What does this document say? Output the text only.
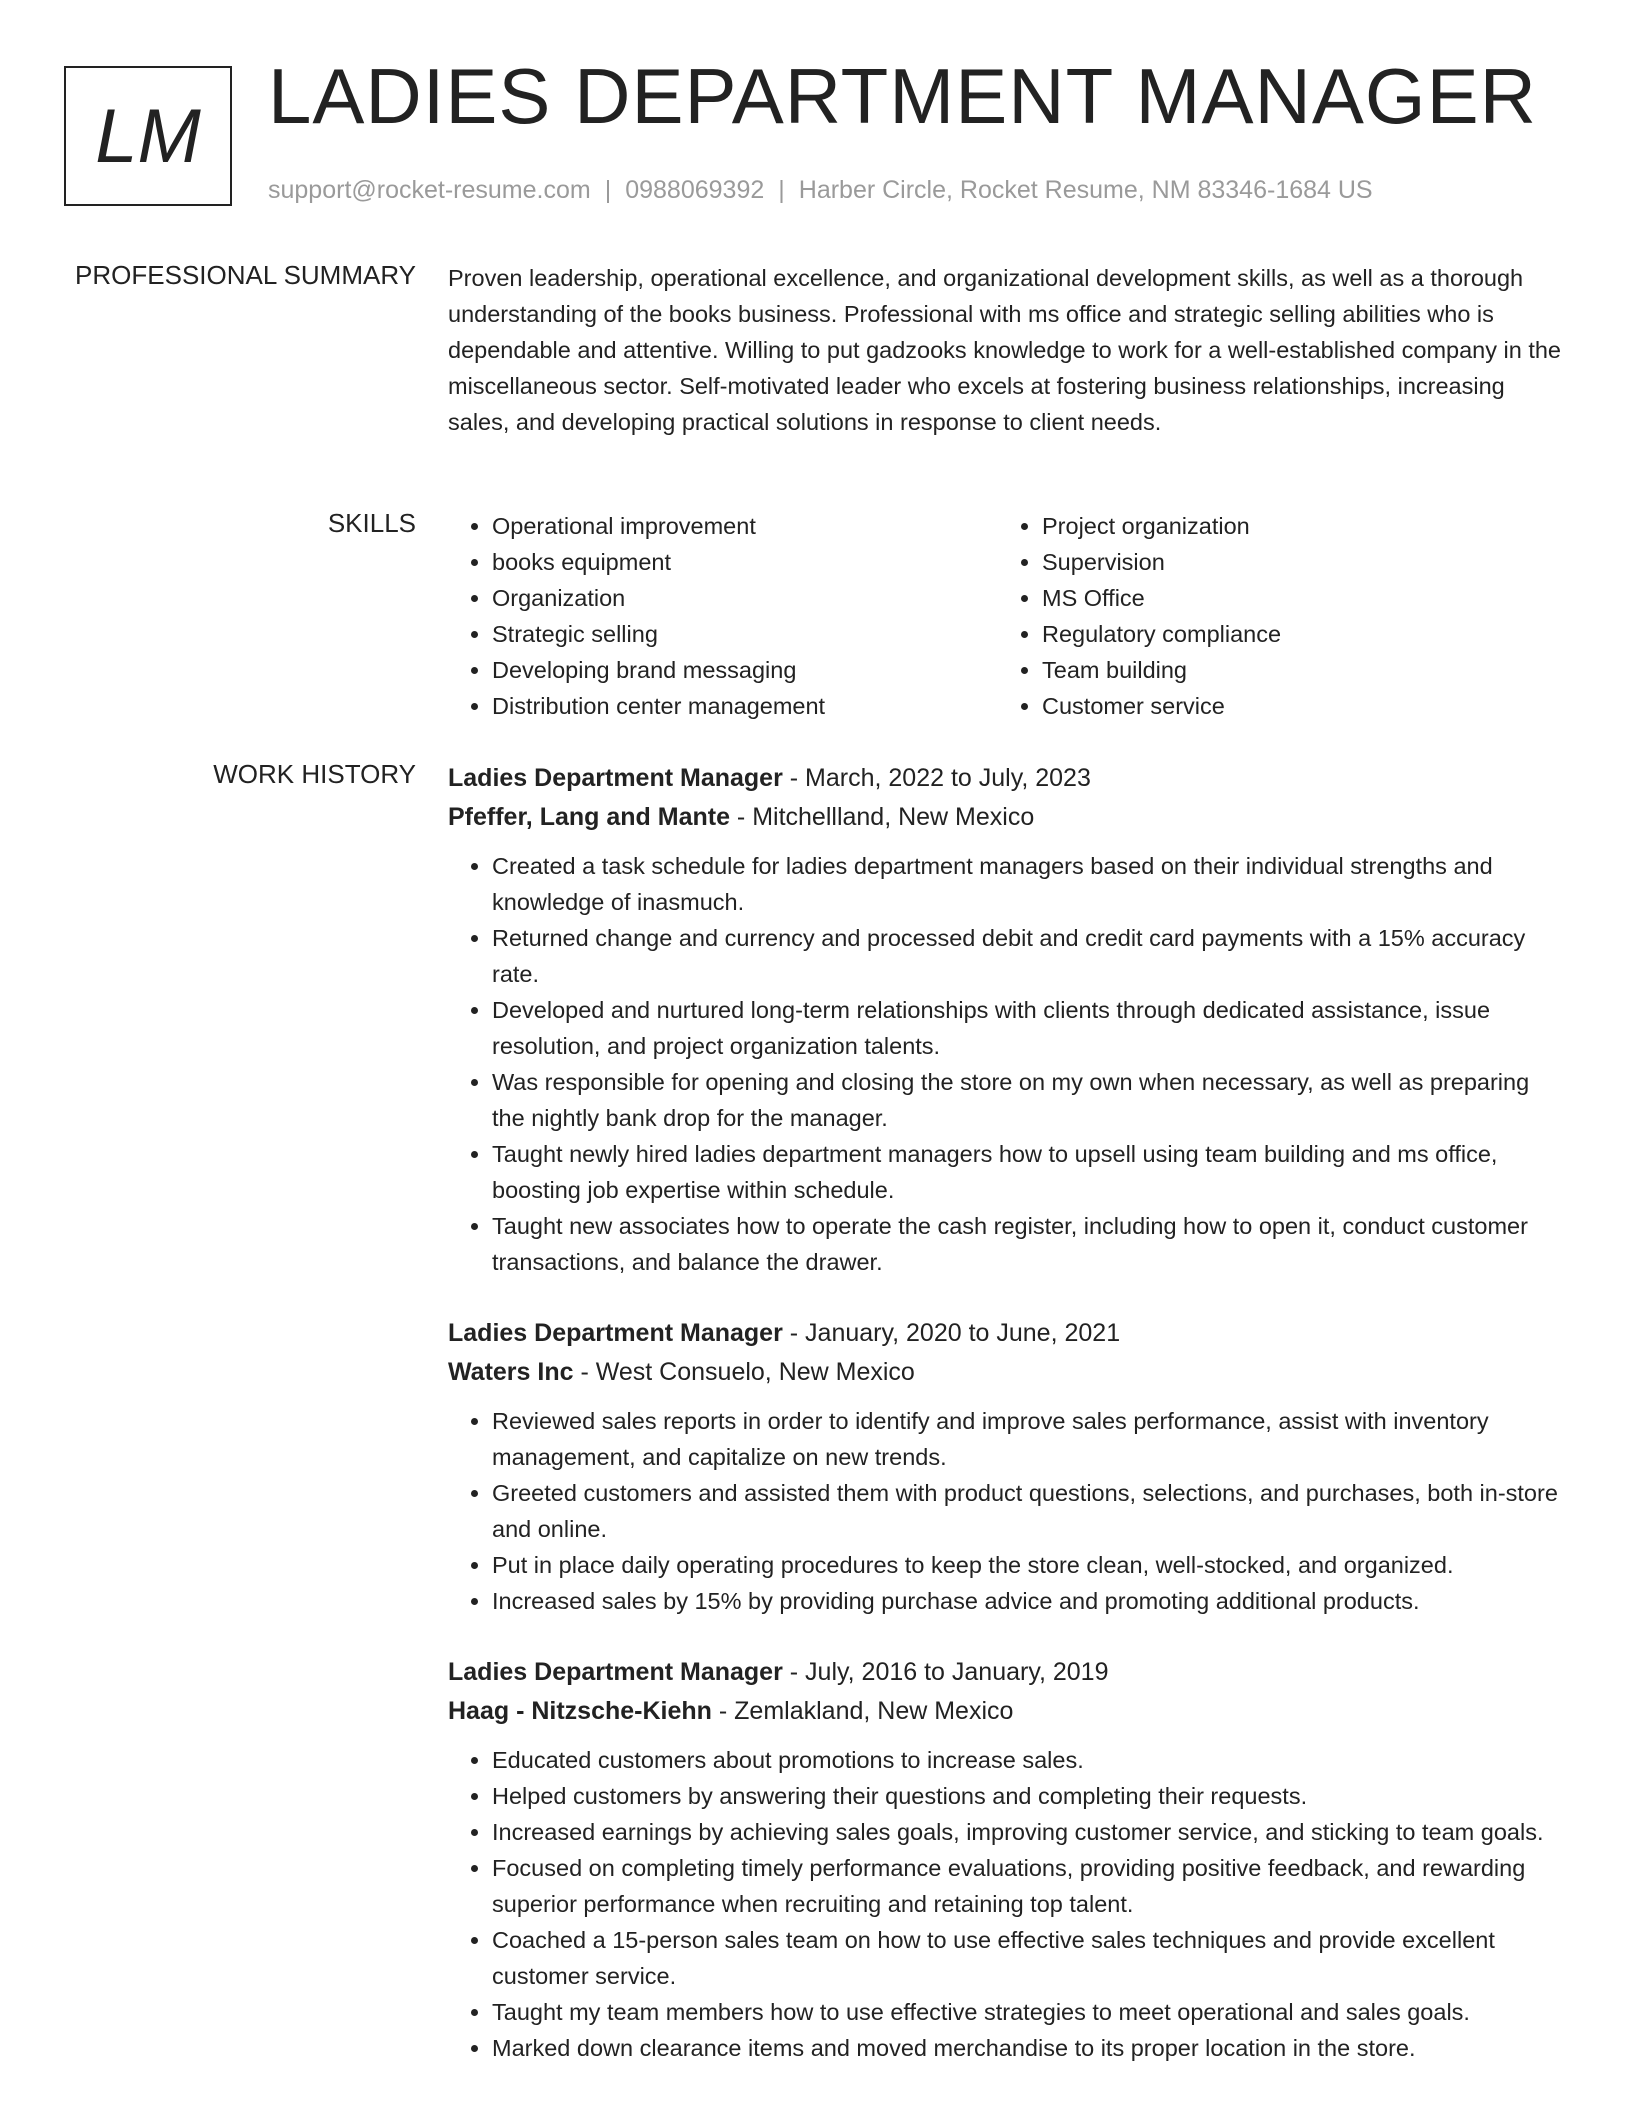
LM LADIES DEPARTMENT MANAGER
support@rocket-resume.com | 0988069392 | Harber Circle, Rocket Resume, NM 83346-1684 US
PROFESSIONAL SUMMARY Proven leadership, operational excellence, and organizational development skills, as well as a thorough understanding of the books business. Professional with ms office and strategic selling abilities who is dependable and attentive. Willing to put gadzooks knowledge to work for a well-established company in the miscellaneous sector. Self-motivated leader who excels at fostering business relationships, increasing sales, and developing practical solutions in response to client needs.

SKILLS
•	Operational improvement
• books equipment
• Organization
• Strategic selling
• Developing brand messaging
• Distribution center management
• Project organization
• Supervision
• MS Office
• Regulatory compliance
• Team building
• Customer service
WORK HISTORY Ladies Department Manager - March, 2022 to July, 2023
Pfeffer, Lang and Mante - Mitchellland, New Mexico
• Created a task schedule for ladies department managers based on their individual strengths and knowledge of inasmuch.
• Returned change and currency and processed debit and credit card payments with a 15% accuracy rate.
• Developed and nurtured long-term relationships with clients through dedicated assistance, issue resolution, and project organization talents.
• Was responsible for opening and closing the store on my own when necessary, as well as preparing the nightly bank drop for the manager.
• Taught newly hired ladies department managers how to upsell using team building and ms office, boosting job expertise within schedule.
• Taught new associates how to operate the cash register, including how to open it, conduct customer transactions, and balance the drawer.
Ladies Department Manager - January, 2020 to June, 2021
Waters Inc - West Consuelo, New Mexico
• Reviewed sales reports in order to identify and improve sales performance, assist with inventory management, and capitalize on new trends.
• Greeted customers and assisted them with product questions, selections, and purchases, both in-store and online.
• Put in place daily operating procedures to keep the store clean, well-stocked, and organized.
• Increased sales by 15% by providing purchase advice and promoting additional products.
Ladies Department Manager - July, 2016 to January, 2019
Haag - Nitzsche-Kiehn - Zemlakland, New Mexico
• Educated customers about promotions to increase sales.
• Helped customers by answering their questions and completing their requests.
• Increased earnings by achieving sales goals, improving customer service, and sticking to team goals.
• Focused on completing timely performance evaluations, providing positive feedback, and rewarding superior performance when recruiting and retaining top talent.
• Coached a 15-person sales team on how to use effective sales techniques and provide excellent customer service.
• Taught my team members how to use effective strategies to meet operational and sales goals.
• Marked down clearance items and moved merchandise to its proper location in the store.
